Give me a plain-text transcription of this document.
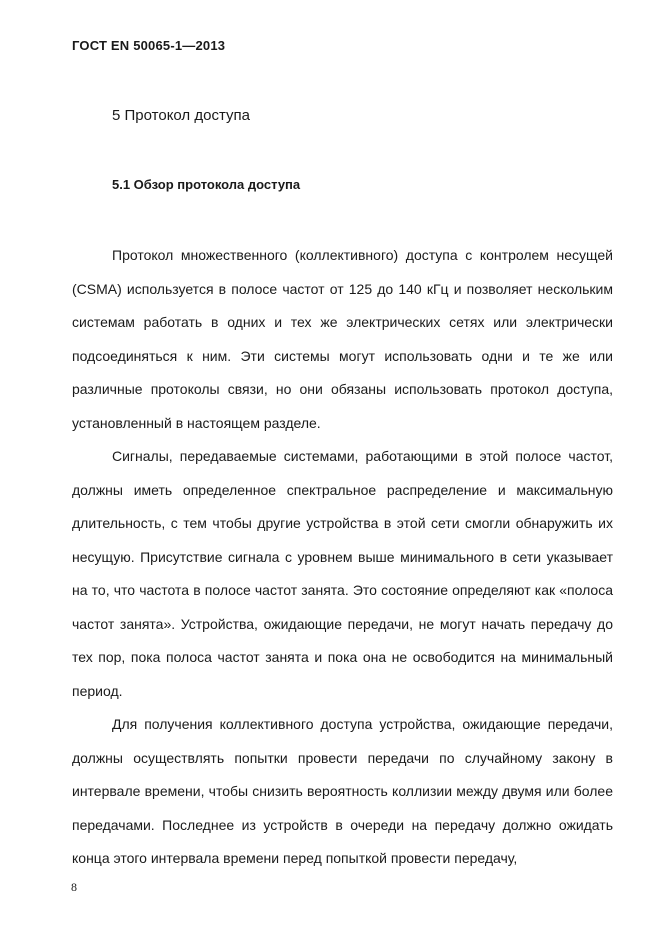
ГОСТ EN 50065-1—2013
5 Протокол доступа
5.1 Обзор протокола доступа

Протокол множественного (коллективного) доступа с контролем несущей (CSMA) используется в полосе частот от 125 до 140 кГц и позволяет нескольким системам работать в одних и тех же электрических сетях или электрически подсоединяться к ним. Эти системы могут использовать одни и те же или различные протоколы связи, но они обязаны использовать протокол доступа, установленный в настоящем разделе.

Сигналы, передаваемые системами, работающими в этой полосе частот, должны иметь определенное спектральное распределение и максимальную длительность, с тем чтобы другие устройства в этой сети смогли обнаружить их несущую. Присутствие сигнала с уровнем выше минимального в сети указывает на то, что частота в полосе частот занята. Это состояние определяют как «полоса частот занята». Устройства, ожидающие передачи, не могут начать передачу до тех пор, пока полоса частот занята и пока она не освободится на минимальный период.

Для получения коллективного доступа устройства, ожидающие передачи, должны осуществлять попытки провести передачи по случайному закону в интервале времени, чтобы снизить вероятность коллизии между двумя или более передачами. Последнее из устройств в очереди на передачу должно ожидать конца этого интервала времени перед попыткой провести передачу,

8
